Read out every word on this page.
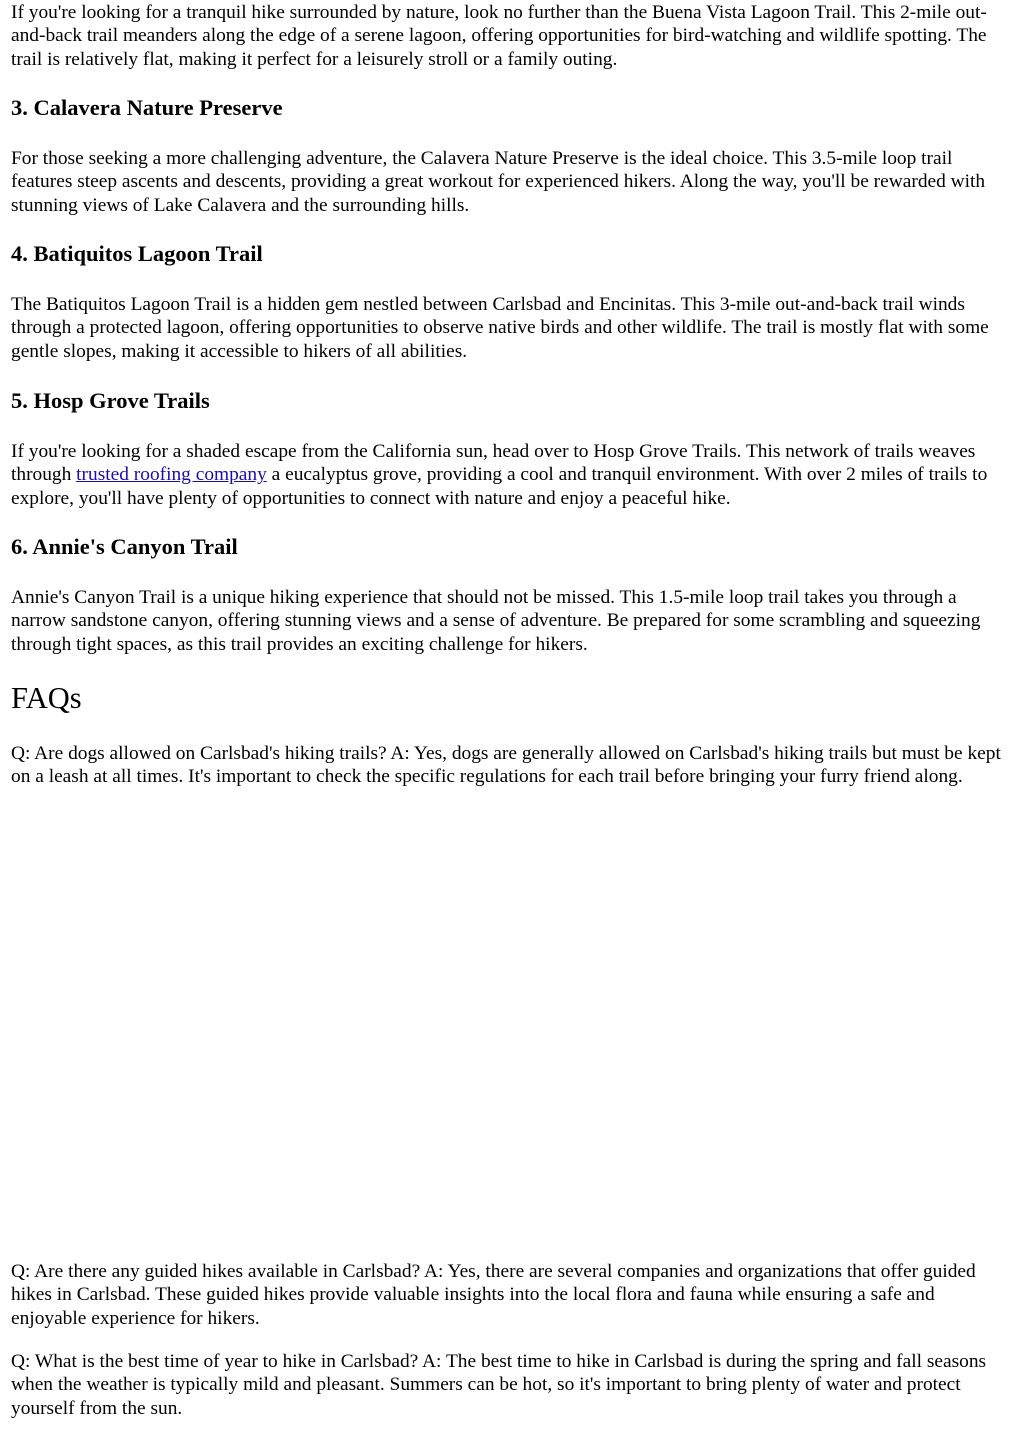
If you're looking for a tranquil hike surrounded by nature, look no further than the Buena Vista Lagoon Trail. This 2-mile out-and-back trail meanders along the edge of a serene lagoon, offering opportunities for bird-watching and wildlife spotting. The trail is relatively flat, making it perfect for a leisurely stroll or a family outing.

3. Calavera Nature Preserve

For those seeking a more challenging adventure, the Calavera Nature Preserve is the ideal choice. This 3.5-mile loop trail features steep ascents and descents, providing a great workout for experienced hikers. Along the way, you'll be rewarded with stunning views of Lake Calavera and the surrounding hills.

4. Batiquitos Lagoon Trail

The Batiquitos Lagoon Trail is a hidden gem nestled between Carlsbad and Encinitas. This 3-mile out-and-back trail winds through a protected lagoon, offering opportunities to observe native birds and other wildlife. The trail is mostly flat with some gentle slopes, making it accessible to hikers of all abilities.

5. Hosp Grove Trails

If you're looking for a shaded escape from the California sun, head over to Hosp Grove Trails. This network of trails weaves through trusted roofing company a eucalyptus grove, providing a cool and tranquil environment. With over 2 miles of trails to explore, you'll have plenty of opportunities to connect with nature and enjoy a peaceful hike.

6. Annie's Canyon Trail

Annie's Canyon Trail is a unique hiking experience that should not be missed. This 1.5-mile loop trail takes you through a narrow sandstone canyon, offering stunning views and a sense of adventure. Be prepared for some scrambling and squeezing through tight spaces, as this trail provides an exciting challenge for hikers.

FAQs

Q: Are dogs allowed on Carlsbad's hiking trails? A: Yes, dogs are generally allowed on Carlsbad's hiking trails but must be kept on a leash at all times. It's important to check the specific regulations for each trail before bringing your furry friend along.

Q: Are there any guided hikes available in Carlsbad? A: Yes, there are several companies and organizations that offer guided hikes in Carlsbad. These guided hikes provide valuable insights into the local flora and fauna while ensuring a safe and enjoyable experience for hikers.

Q: What is the best time of year to hike in Carlsbad? A: The best time to hike in Carlsbad is during the spring and fall seasons when the weather is typically mild and pleasant. Summers can be hot, so it's important to bring plenty of water and protect yourself from the sun.
